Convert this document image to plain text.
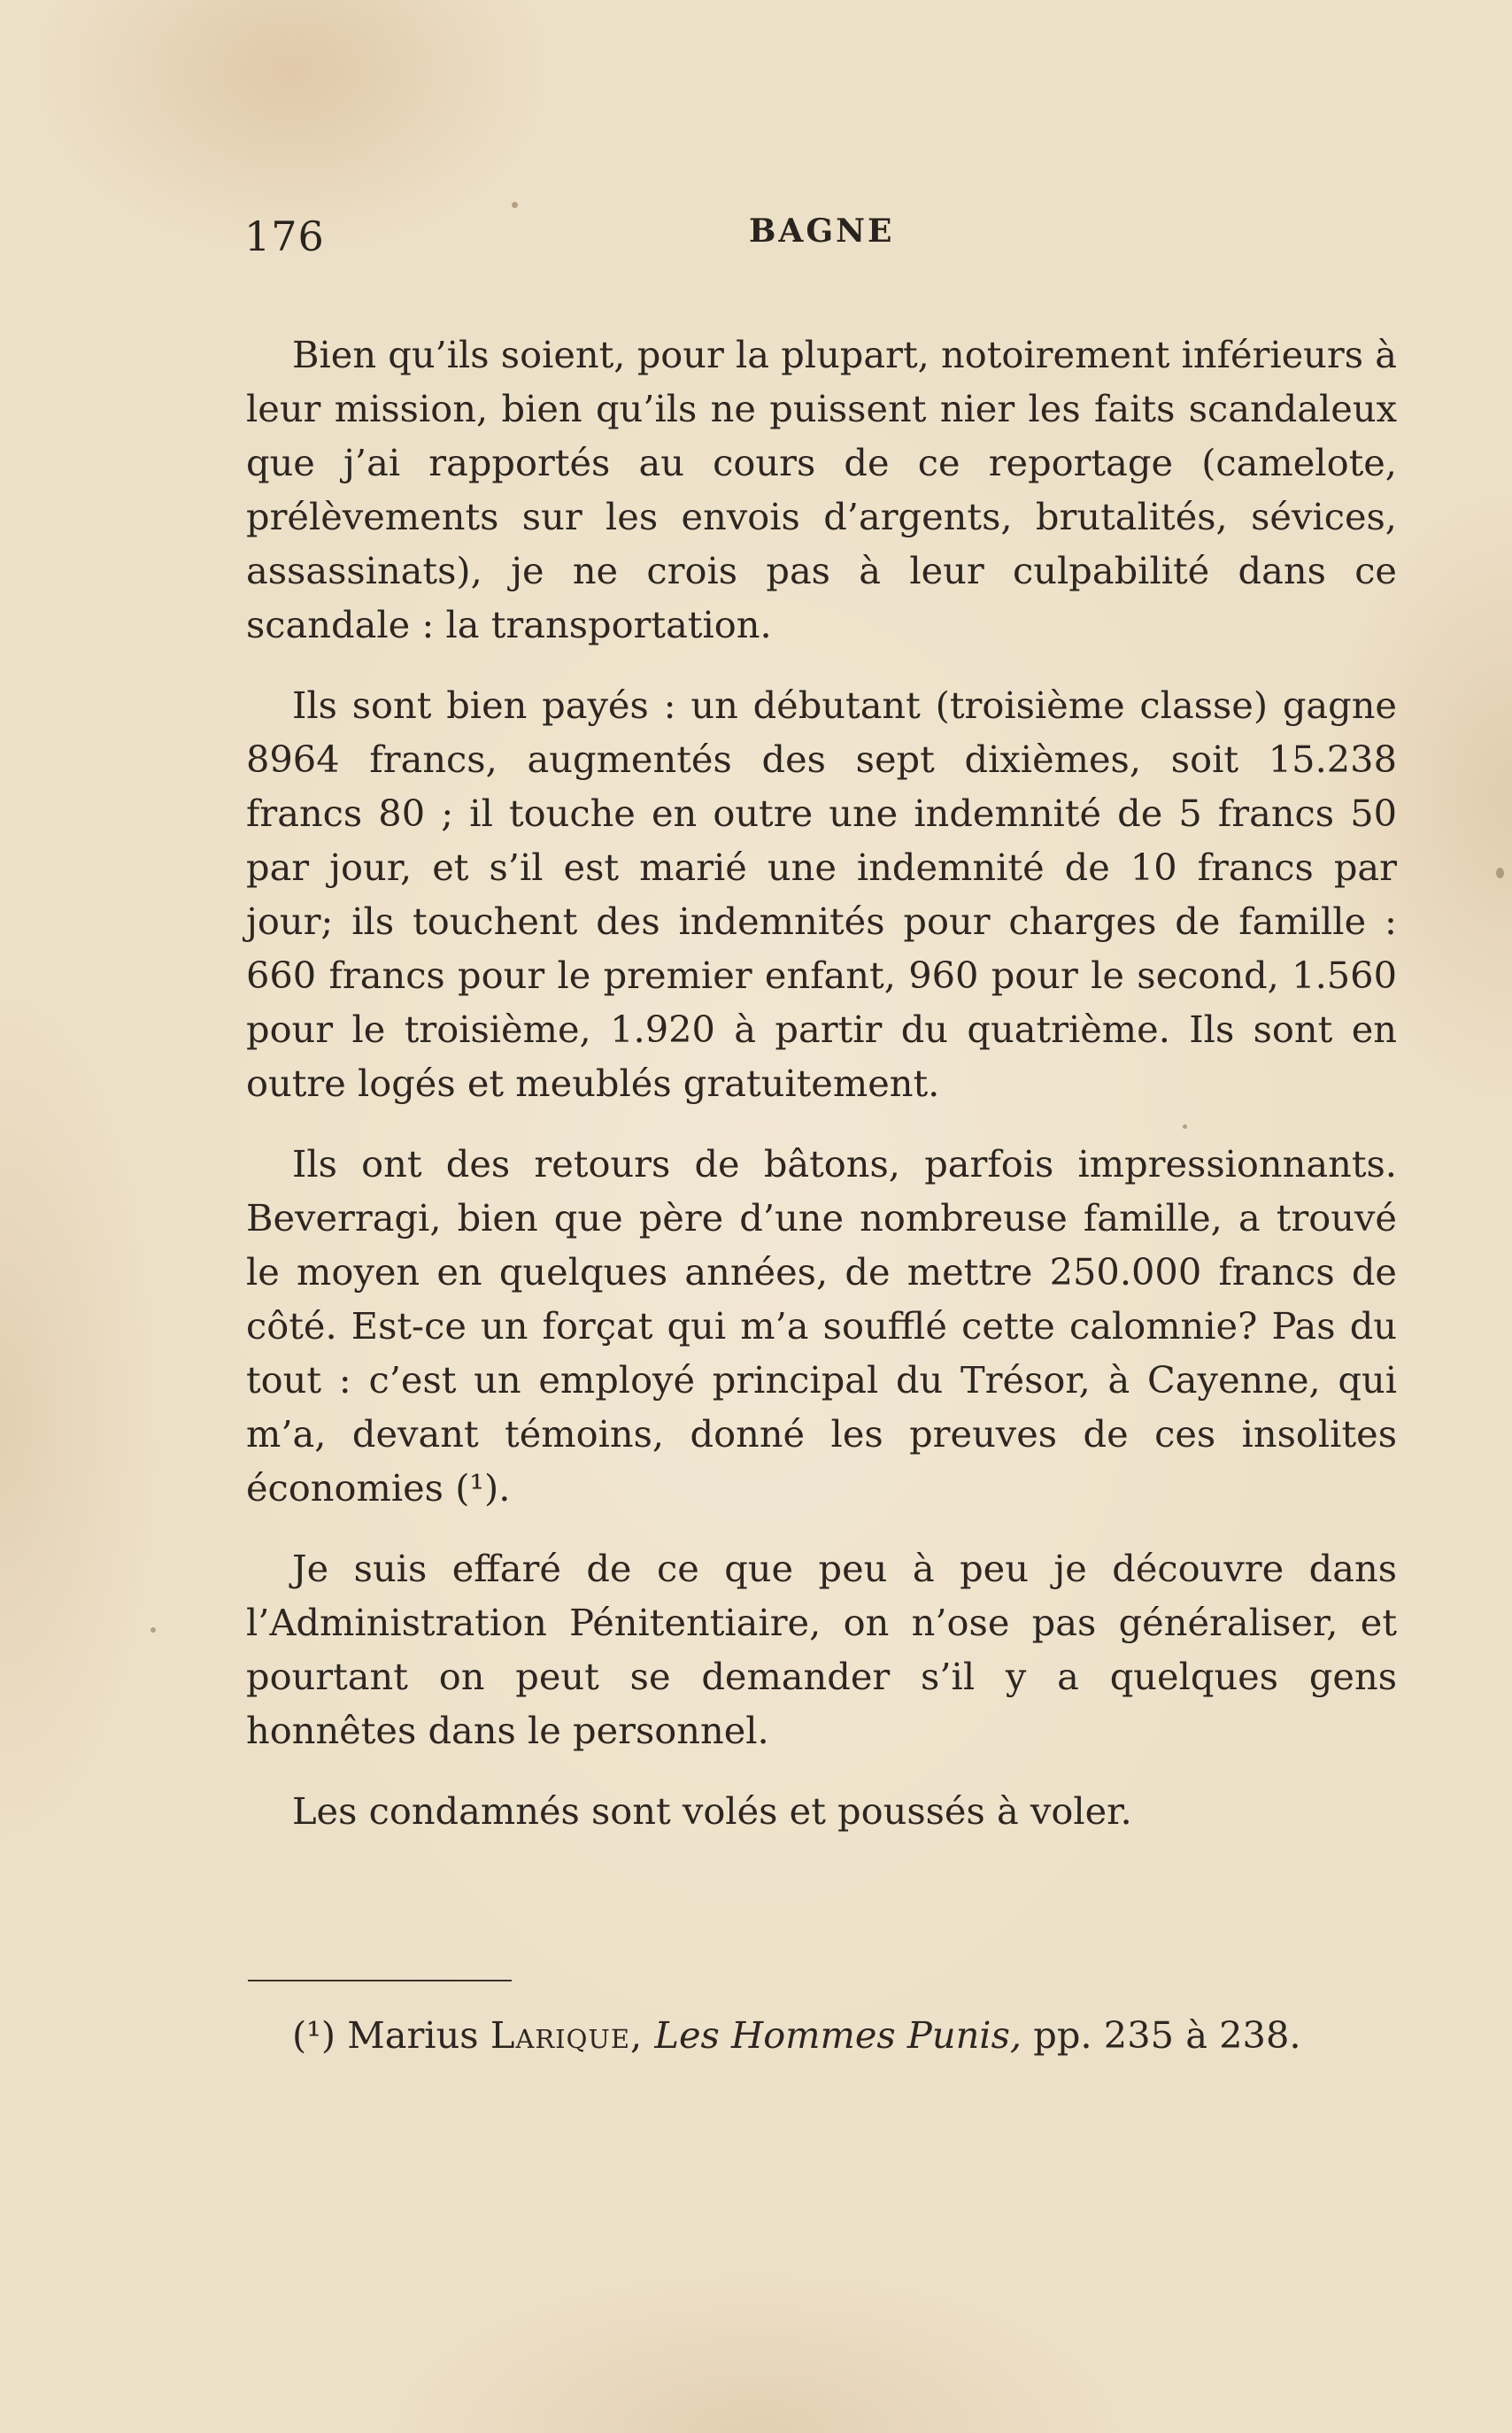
176	BAGNE

Bien qu’ils soient, pour la plupart, notoirement inférieurs à leur mission, bien qu’ils ne puissent nier les faits scandaleux que j’ai rapportés au cours de ce reportage (camelote, prélèvements sur les envois d’argents, brutalités, sévices, assassinats), je ne crois pas à leur culpabilité dans ce scandale : la transportation.

Ils sont bien payés : un débutant (troisième classe) gagne 8964 francs, augmentés des sept dixièmes, soit 15.238 francs 80 ; il touche en outre une indemnité de 5 francs 50 par jour, et s’il est marié une indemnité de 10 francs par jour; ils touchent des indemnités pour charges de famille : 660 francs pour le premier enfant, 960 pour le second, 1.560 pour le troisième, 1.920 à partir du quatrième. Ils sont en outre logés et meublés gratuitement.

Ils ont des retours de bâtons, parfois impressionnants. Beverragi, bien que père d’une nombreuse famille, a trouvé le moyen en quelques années, de mettre 250.000 francs de côté. Est-ce un forçat qui m’a soufflé cette calomnie? Pas du tout : c’est un employé principal du Trésor, à Cayenne, qui m’a, devant témoins, donné les preuves de ces insolites économies (¹).

Je suis effaré de ce que peu à peu je découvre dans l’Administration Pénitentiaire, on n’ose pas généraliser, et pourtant on peut se demander s’il y a quelques gens honnêtes dans le personnel.

Les condamnés sont volés et poussés à voler.

(¹) Marius Larique, Les Hommes Punis, pp. 235 à 238.
